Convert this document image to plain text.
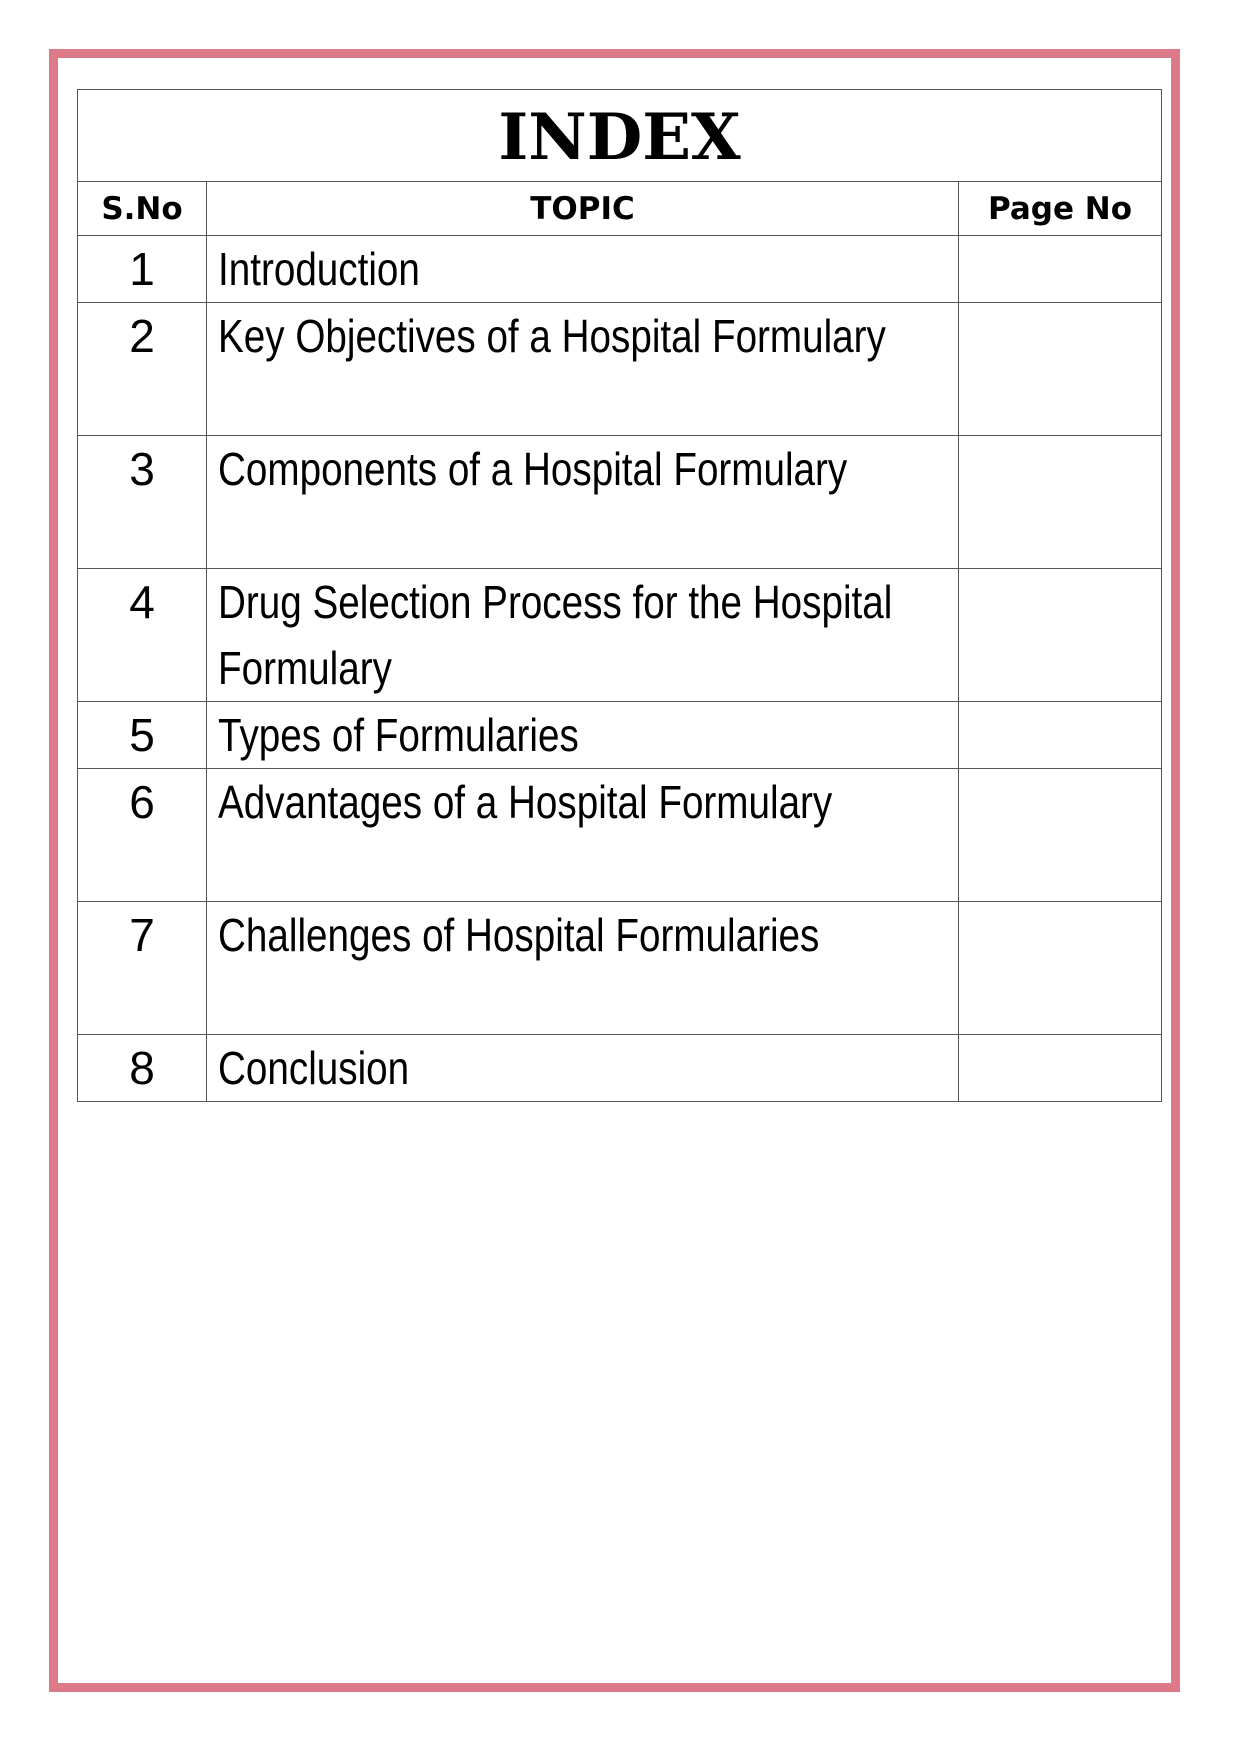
INDEX		
S.No	TOPIC	Page No
1	Introduction	
2	Key Objectives of a Hospital Formulary	
3	Components of a Hospital Formulary	
4	Drug Selection Process for the Hospital Formulary	
5	Types of Formularies	
6	Advantages of a Hospital Formulary	
7	Challenges of Hospital Formularies	
8	Conclusion	
